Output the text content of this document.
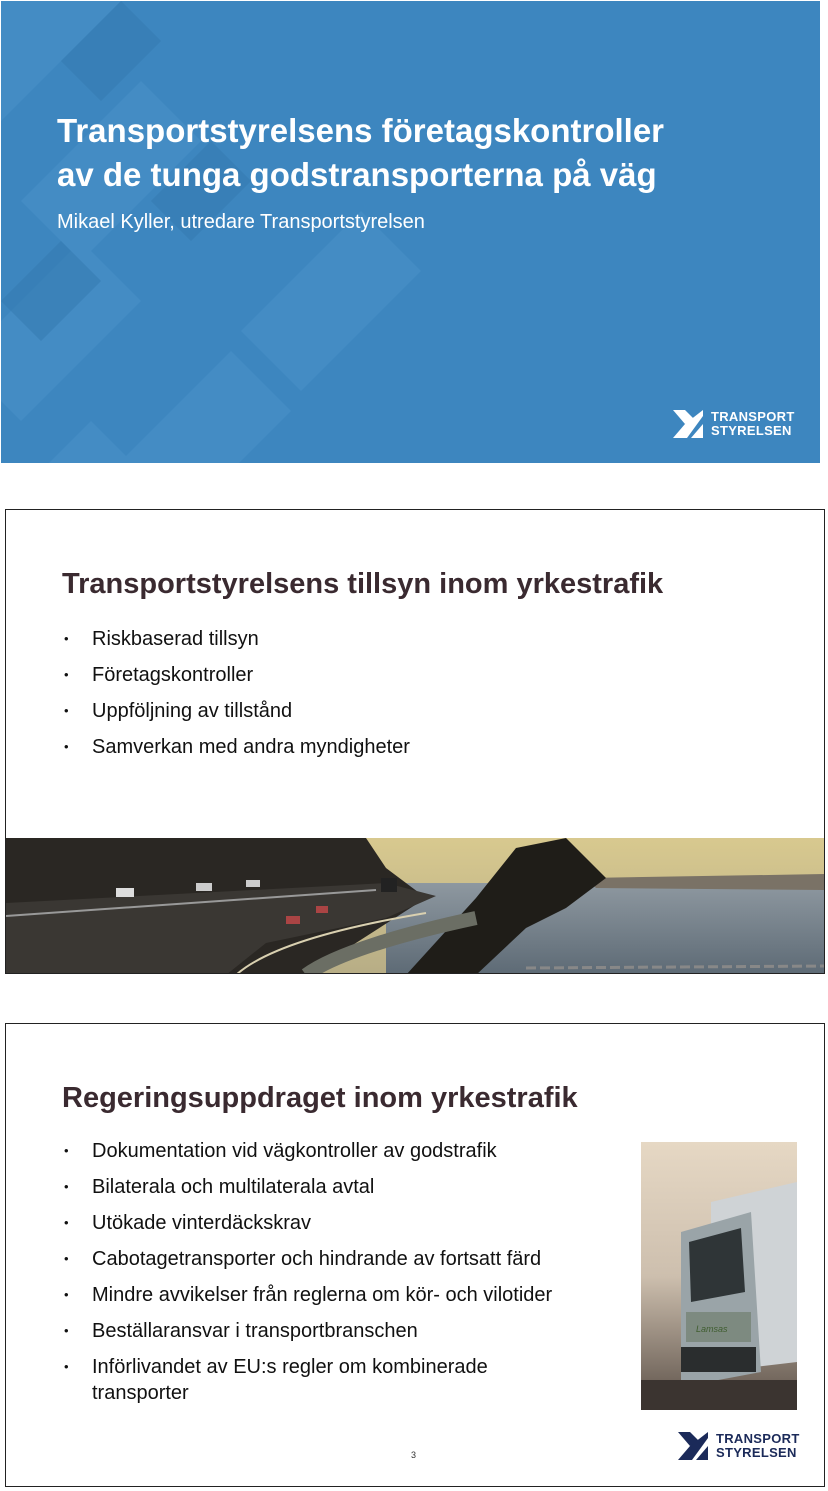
Transportstyrelsens företagskontroller
av de tunga godstransporterna på väg
Mikael Kyller, utredare Transportstyrelsen
TRANSPORT
STYRELSEN
Transportstyrelsens tillsyn inom yrkestrafik
• Riskbaserad tillsyn
• Företagskontroller
• Uppföljning av tillstånd
• Samverkan med andra myndigheter
Regeringsuppdraget inom yrkestrafik
• Dokumentation vid vägkontroller av godstrafik
• Bilaterala och multilaterala avtal
• Utökade vinterdäckskrav
• Cabotagetransporter och hindrande av fortsatt färd
• Mindre avvikelser från reglerna om kör- och vilotider
• Beställaransvar i transportbranschen
• Införlivandet av EU:s regler om kombinerade transporter
Lamsas
3
TRANSPORT
STYRELSEN
